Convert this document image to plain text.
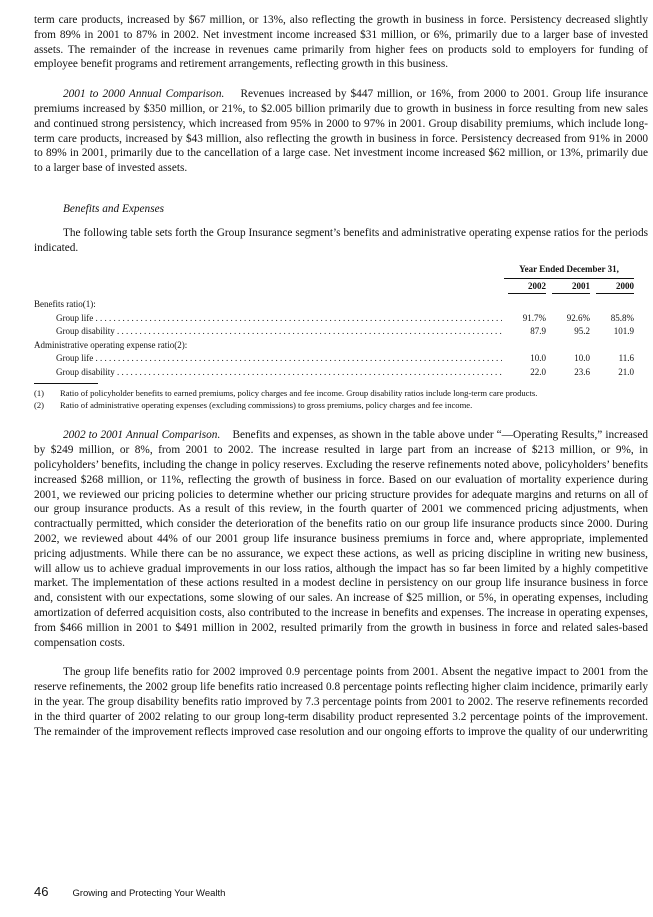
term care products, increased by $67 million, or 13%, also reflecting the growth in business in force. Persistency decreased slightly from 89% in 2001 to 87% in 2002. Net investment income increased $31 million, or 6%, primarily due to a larger base of invested assets. The remainder of the increase in revenues came primarily from higher fees on products sold to employers for funding of employee benefit programs and retirement arrangements, reflecting growth in this business.

2001 to 2000 Annual Comparison. Revenues increased by $447 million, or 16%, from 2000 to 2001. Group life insurance premiums increased by $350 million, or 21%, to $2.005 billion primarily due to growth in business in force resulting from new sales and continued strong persistency, which increased from 95% in 2000 to 97% in 2001. Group disability premiums, which include long-term care products, increased by $43 million, also reflecting the growth in business in force. Persistency decreased from 91% in 2000 to 89% in 2001, primarily due to the cancellation of a large case. Net investment income increased $62 million, or 13%, primarily due to a larger base of invested assets.

Benefits and Expenses

The following table sets forth the Group Insurance segment’s benefits and administrative operating expense ratios for the periods indicated.

Year Ended December 31,
2002	2001	2000
Benefits ratio(1):
Group life . . .	91.7%	92.6%	85.8%
Group disability . . .	87.9	95.2	101.9
Administrative operating expense ratio(2):
Group life . . .	10.0	10.0	11.6
Group disability . . .	22.0	23.6	21.0
(1)	Ratio of policyholder benefits to earned premiums, policy charges and fee income. Group disability ratios include long-term care products.
(2)	Ratio of administrative operating expenses (excluding commissions) to gross premiums, policy charges and fee income.

2002 to 2001 Annual Comparison. Benefits and expenses, as shown in the table above under “—Operating Results,” increased by $249 million, or 8%, from 2001 to 2002. The increase resulted in large part from an increase of $213 million, or 9%, in policyholders’ benefits, including the change in policy reserves. Excluding the reserve refinements noted above, policyholders’ benefits increased $268 million, or 11%, reflecting the growth of business in force. Based on our evaluation of mortality experience during 2001, we reviewed our pricing policies to determine whether our pricing structure provides for adequate margins and returns on all of our group insurance products. As a result of this review, in the fourth quarter of 2001 we commenced pricing adjustments, when contractually permitted, which consider the deterioration of the benefits ratio on our group life insurance products since 2000. During 2002, we reviewed about 44% of our 2001 group life insurance business premiums in force and, where appropriate, implemented pricing adjustments. While there can be no assurance, we expect these actions, as well as pricing discipline in writing new business, will allow us to achieve gradual improvements in our loss ratios, although the impact has so far been limited by a highly competitive market. The implementation of these actions resulted in a modest decline in persistency on our group life insurance business in force and, consistent with our expectations, some slowing of our sales. An increase of $25 million, or 5%, in operating expenses, including amortization of deferred acquisition costs, also contributed to the increase in benefits and expenses. The increase in operating expenses, from $466 million in 2001 to $491 million in 2002, resulted primarily from the growth in business in force and related sales-based compensation costs.

The group life benefits ratio for 2002 improved 0.9 percentage points from 2001. Absent the negative impact to 2001 from the reserve refinements, the 2002 group life benefits ratio increased 0.8 percentage points reflecting higher claim incidence, primarily early in the year. The group disability benefits ratio improved by 7.3 percentage points from 2001 to 2002. The reserve refinements recorded in the third quarter of 2002 relating to our group long-term disability product represented 3.2 percentage points of the improvement. The remainder of the improvement reflects improved case resolution and our ongoing efforts to improve the quality of our underwriting

46	Growing and Protecting Your Wealth
